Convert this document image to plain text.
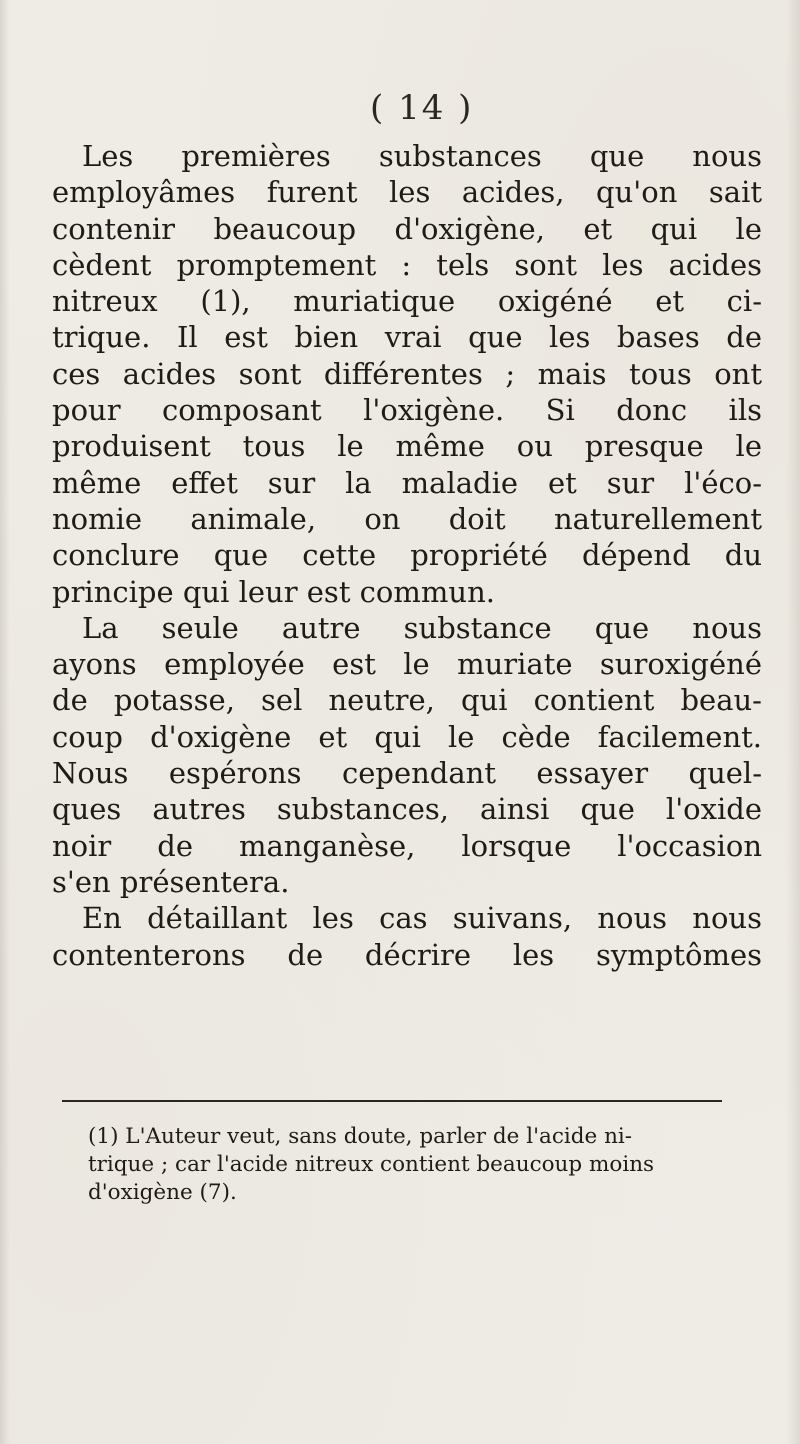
( 14 )
Les premières substances que nous
employâmes furent les acides, qu'on sait
contenir beaucoup d'oxigène, et qui le
cèdent promptement : tels sont les acides
nitreux (1), muriatique oxigéné et ci-
trique. Il est bien vrai que les bases de
ces acides sont différentes ; mais tous ont
pour composant l'oxigène. Si donc ils
produisent tous le même ou presque le
même effet sur la maladie et sur l'éco-
nomie animale, on doit naturellement
conclure que cette propriété dépend du
principe qui leur est commun.
La seule autre substance que nous
ayons employée est le muriate suroxigéné
de potasse, sel neutre, qui contient beau-
coup d'oxigène et qui le cède facilement.
Nous espérons cependant essayer quel-
ques autres substances, ainsi que l'oxide
noir de manganèse, lorsque l'occasion
s'en présentera.
En détaillant les cas suivans, nous nous
contenterons de décrire les symptômes
(1) L'Auteur veut, sans doute, parler de l'acide ni-
trique ; car l'acide nitreux contient beaucoup moins
d'oxigène (7).
